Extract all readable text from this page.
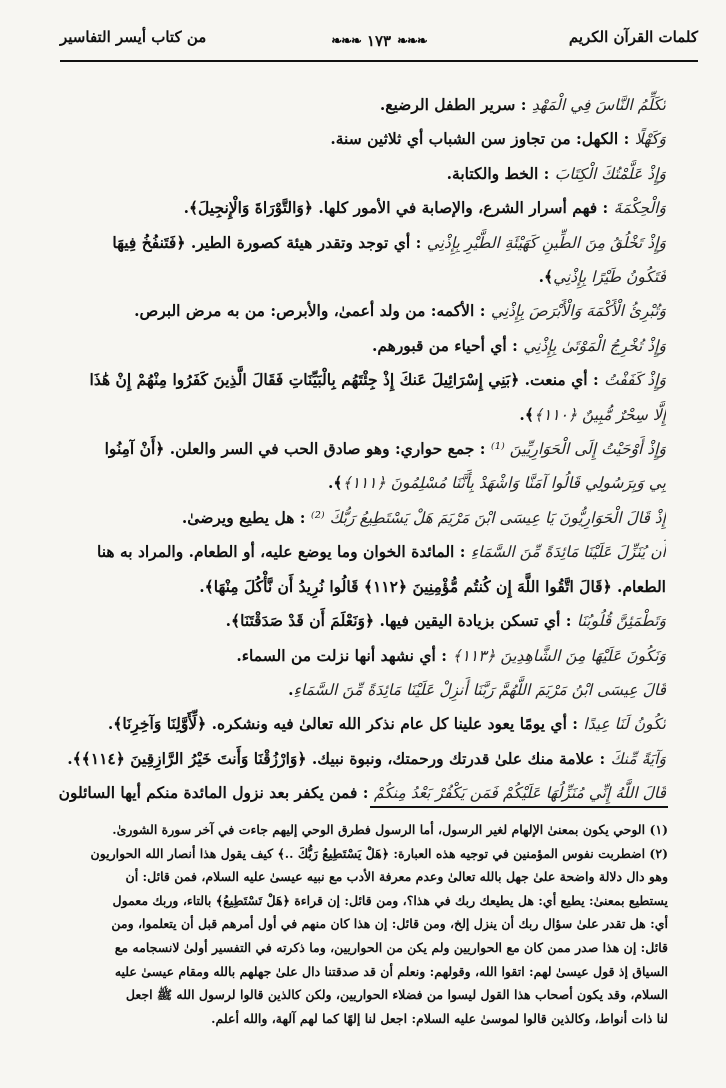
كلمات القرآن الكريم
❧❧❧ ١٧٣ ❧❧❧
من كتاب أيسر التفاسير
تُكَلِّمُ النَّاسَ فِي الْمَهْدِ : سرير الطفل الرضيع.
وَكَهْلًا : الكهل: من تجاوز سن الشباب أي ثلاثين سنة.
وَإِذْ عَلَّمْتُكَ الْكِتَابَ : الخط والكتابة.
وَالْحِكْمَةَ : فهم أسرار الشرع، والإصابة في الأمور كلها. ﴿وَالتَّوْرَاةَ وَالْإِنجِيلَ﴾.
وَإِذْ تَخْلُقُ مِنَ الطِّينِ كَهَيْئَةِ الطَّيْرِ بِإِذْنِي : أي توجد وتقدر هيئة كصورة الطير. ﴿فَتَنفُخُ فِيهَا
فَتَكُونُ طَيْرًا بِإِذْنِي﴾.
وَتُبْرِئُ الْأَكْمَهَ وَالْأَبْرَصَ بِإِذْنِي : الأكمه: من ولد أعمىٰ، والأبرص: من به مرض البرص.
وَإِذْ تُخْرِجُ الْمَوْتَىٰ بِإِذْنِي : أي أحياء من قبورهم.
وَإِذْ كَفَفْتُ : أي منعت. ﴿بَنِي إِسْرَائِيلَ عَنكَ إِذْ جِئْتَهُم بِالْبَيِّنَاتِ فَقَالَ الَّذِينَ كَفَرُوا مِنْهُمْ إِنْ هَٰذَا
إِلَّا سِحْرٌ مُّبِينٌ ﴿١١٠﴾﴾.
وَإِذْ أَوْحَيْتُ إِلَى الْحَوَارِيِّينَ ⁽¹⁾ : جمع حواري: وهو صادق الحب في السر والعلن. ﴿أَنْ آمِنُوا
بِي وَبِرَسُولِي قَالُوا آمَنَّا وَاشْهَدْ بِأَنَّنَا مُسْلِمُونَ ﴿١١١﴾﴾.
إِذْ قَالَ الْحَوَارِيُّونَ يَا عِيسَى ابْنَ مَرْيَمَ هَلْ يَسْتَطِيعُ رَبُّكَ ⁽²⁾ : هل يطيع ويرضىٰ.
أَن يُنَزِّلَ عَلَيْنَا مَائِدَةً مِّنَ السَّمَاءِ : المائدة الخوان وما يوضع عليه، أو الطعام. والمراد به هنا
الطعام. ﴿قَالَ اتَّقُوا اللَّهَ إِن كُنتُم مُّؤْمِنِينَ ﴿١١٢﴾ قَالُوا نُرِيدُ أَن نَّأْكُلَ مِنْهَا﴾.
وَتَطْمَئِنَّ قُلُوبُنَا : أي تسكن بزيادة اليقين فيها. ﴿وَنَعْلَمَ أَن قَدْ صَدَقْتَنَا﴾.
وَنَكُونَ عَلَيْهَا مِنَ الشَّاهِدِينَ ﴿١١٣﴾ : أي نشهد أنها نزلت من السماء.
قَالَ عِيسَى ابْنُ مَرْيَمَ اللَّهُمَّ رَبَّنَا أَنزِلْ عَلَيْنَا مَائِدَةً مِّنَ السَّمَاءِ.
تَكُونُ لَنَا عِيدًا : أي يومًا يعود علينا كل عام نذكر الله تعالىٰ فيه ونشكره. ﴿لِّأَوَّلِنَا وَآخِرِنَا﴾.
وَآيَةً مِّنكَ : علامة منك علىٰ قدرتك ورحمتك، ونبوة نبيك. ﴿وَارْزُقْنَا وَأَنتَ خَيْرُ الرَّازِقِينَ ﴿١١٤﴾﴾.
قَالَ اللَّهُ إِنِّي مُنَزِّلُهَا عَلَيْكُمْ فَمَن يَكْفُرْ بَعْدُ مِنكُمْ : فمن يكفر بعد نزول المائدة منكم أيها السائلون
(١) الوحي يكون بمعنىٰ الإلهام لغير الرسول، أما الرسول فطرق الوحي إليهم جاءت في آخر سورة الشورىٰ.
(٢) اضطربت نفوس المؤمنين في توجيه هذه العبارة: ﴿هَلْ يَسْتَطِيعُ رَبُّكَ ..﴾ كيف يقول هذا أنصار الله الحواريون
وهو دال دلالة واضحة علىٰ جهل بالله تعالىٰ وعدم معرفة الأدب مع نبيه عيسىٰ عليه السلام، فمن قائل: أن
يستطيع بمعنىٰ: يطيع أي: هل يطيعك ربك في هذا؟، ومن قائل: إن قراءة ﴿هَلْ تَسْتَطِيعُ﴾ بالتاء، وربك معمول
أي: هل تقدر علىٰ سؤال ربك أن ينزل إلخ، ومن قائل: إن هذا كان منهم في أول أمرهم قبل أن يتعلموا، ومن
قائل: إن هذا صدر ممن كان مع الحواريين ولم يكن من الحواريين، وما ذكرته في التفسير أولىٰ لانسجامه مع
السياق إذ قول عيسىٰ لهم: اتقوا الله، وقولهم: ونعلم أن قد صدقتنا دال علىٰ جهلهم بالله ومقام عيسىٰ عليه
السلام، وقد يكون أصحاب هذا القول ليسوا من فضلاء الحواريين، ولكن كالذين قالوا لرسول الله ﷺ اجعل
لنا ذات أنواط، وكالذين قالوا لموسىٰ عليه السلام: اجعل لنا إلهًا كما لهم آلهة، والله أعلم.
